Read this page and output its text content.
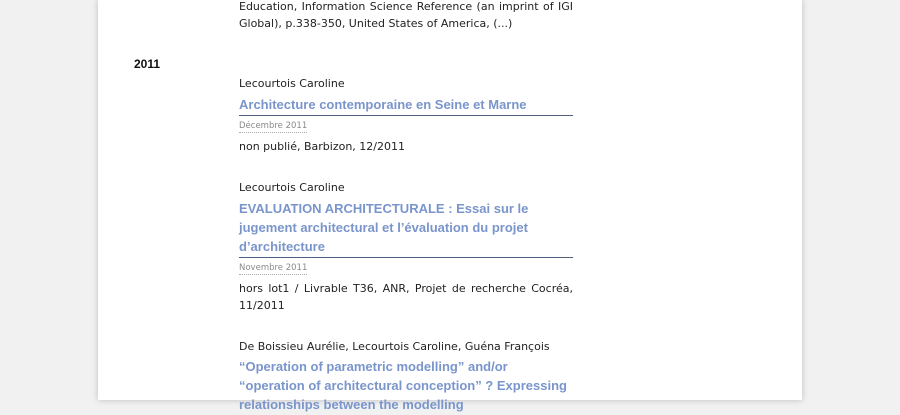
Education, Information Science Reference (an imprint of IGI Global), p.338-350, United States of America, (...)
2011
Lecourtois Caroline
Architecture contemporaine en Seine et Marne
Décembre 2011
non publié, Barbizon, 12/2011
Lecourtois Caroline
EVALUATION ARCHITECTURALE : Essai sur le jugement architectural et l’évaluation du projet d’architecture
Novembre 2011
hors lot1 / Livrable T36, ANR, Projet de recherche Cocréa, 11/2011
De Boissieu Aurélie, Lecourtois Caroline, Guéna François
“Operation of parametric modelling” and/or “operation of architectural conception” ? Expressing relationships between the modelling
